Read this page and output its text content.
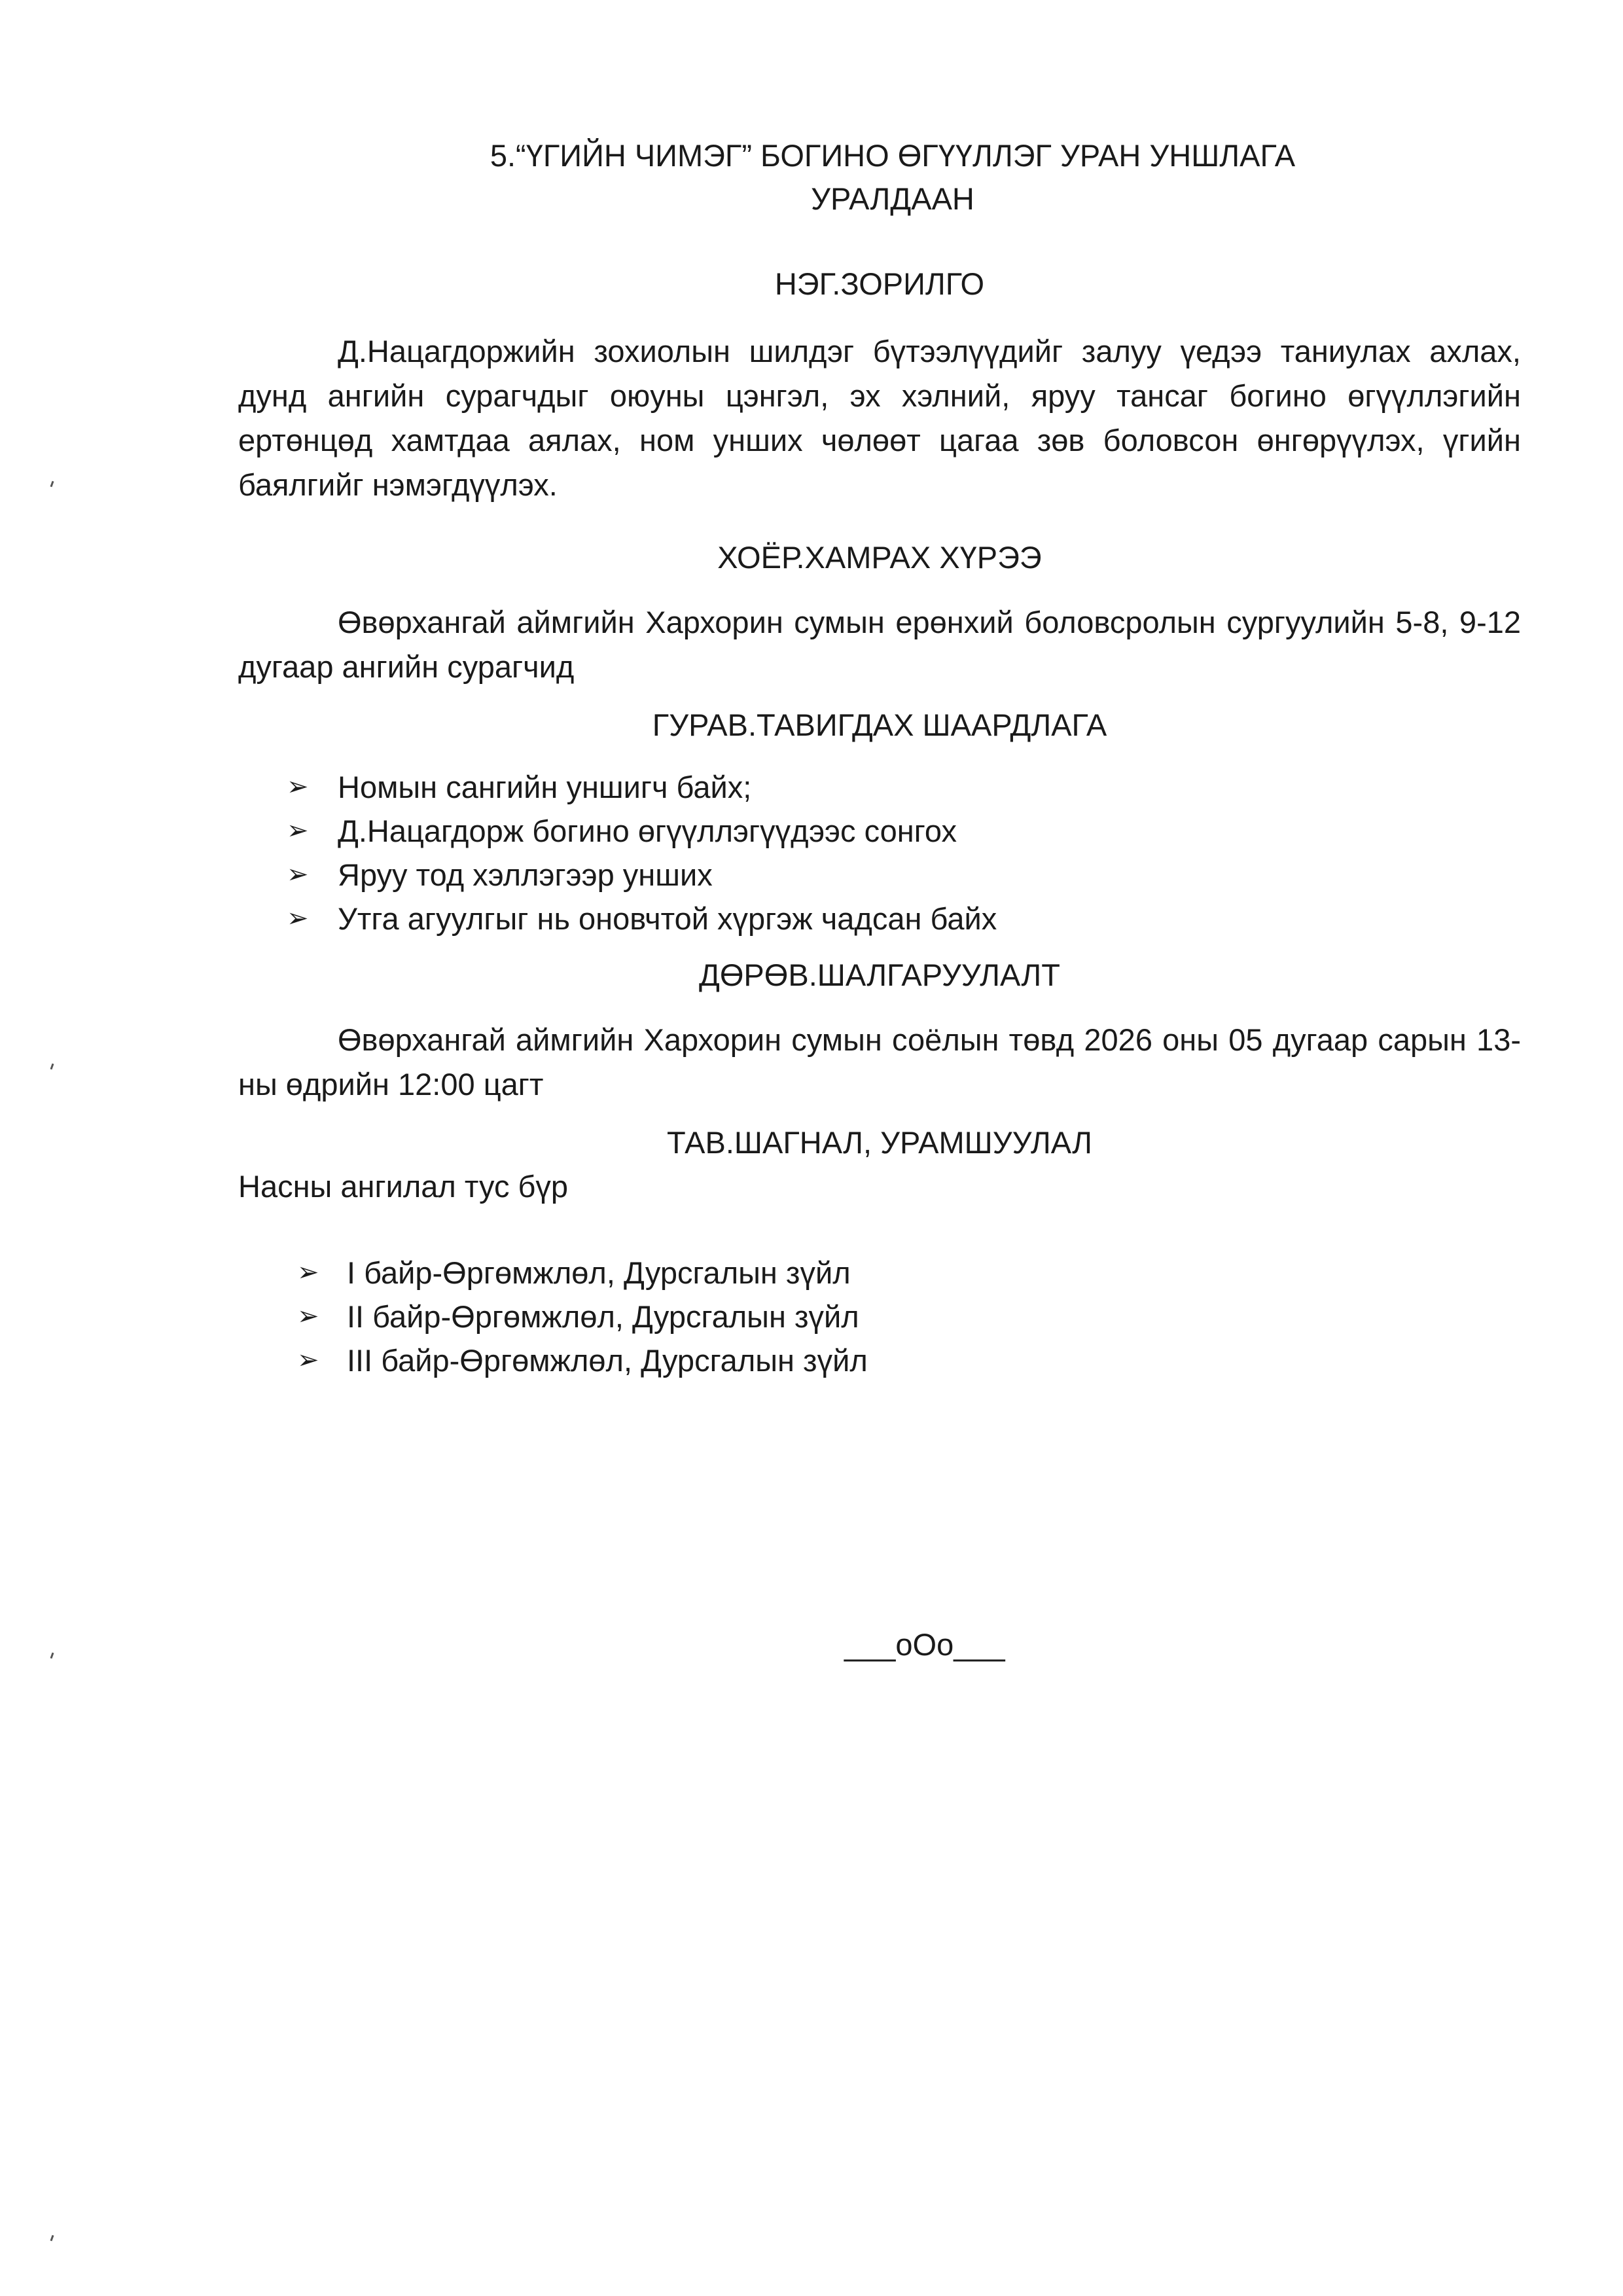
5.“ҮГИЙН ЧИМЭГ” БОГИНО ӨГҮҮЛЛЭГ УРАН УНШЛАГА
УРАЛДААН
НЭГ.ЗОРИЛГО

Д.Нацагдоржийн зохиолын шилдэг бүтээлүүдийг залуу үедээ таниулах ахлах, дунд ангийн сурагчдыг оюуны цэнгэл, эх хэлний, яруу тансаг богино өгүүллэгийн ертөнцөд хамтдаа аялах, ном унших чөлөөт цагаа зөв боловсон өнгөрүүлэх, үгийн баялгийг нэмэгдүүлэх.

ХОЁР.ХАМРАХ ХҮРЭЭ

Өвөрхангай аймгийн Хархорин сумын ерөнхий боловсролын сургуулийн 5-8, 9-12 дугаар ангийн сурагчид

ГУРАВ.ТАВИГДАХ ШААРДЛАГА
➢ Номын сангийн уншигч байх;
➢ Д.Нацагдорж богино өгүүллэгүүдээс сонгох
➢ Яруу тод хэллэгээр унших
➢ Утга агуулгыг нь оновчтой хүргэж чадсан байх
ДӨРӨВ.ШАЛГАРУУЛАЛТ

Өвөрхангай аймгийн Хархорин сумын соёлын төвд 2026 оны 05 дугаар сарын 13-ны өдрийн 12:00 цагт

ТАВ.ШАГНАЛ, УРАМШУУЛАЛ

Насны ангилал тус бүр

➢ I байр-Өргөмжлөл, Дурсгалын зүйл
➢ II байр-Өргөмжлөл, Дурсгалын зүйл
➢ III байр-Өргөмжлөл, Дурсгалын зүйл
___oOo___
